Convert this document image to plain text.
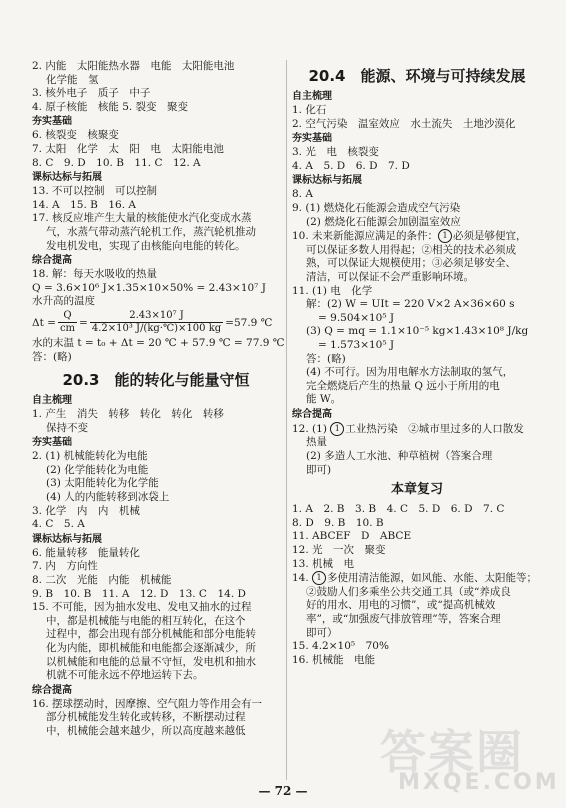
2. 内能　太阳能热水器　电能　太阳能电池
化学能　氢
3. 核外电子　质子　中子
4. 原子核能　核能 5. 裂变　聚变
夯实基础
6. 核裂变　核聚变
7. 太阳　化学　太　阳　电　太阳能电池
8. C　9. D　10. B　11. C　12. A
课标达标与拓展
13. 不可以控制　可以控制
14. A　15. B　16. A
17. 核反应堆产生大量的核能使水汽化变成水蒸
气，水蒸气带动蒸汽轮机工作，蒸汽轮机推动
发电机发电，实现了由核能向电能的转化。
综合提高
18. 解：每天水吸收的热量
Q = 3.6×10⁶ J×1.35×10×50% = 2.43×10⁷ J
水升高的温度
$\Delta t = \frac{Q}{cm} = \frac{\text{2.43×10⁷ J}}{\text{4.2×10³ J/(kg·℃)×100 kg}} =57.9$ ℃
水的末温 t = t₀ + Δt = 20 ℃ + 57.9 ℃ = 77.9 ℃
答：(略)
20.3　能的转化与能量守恒
自主梳理
1. 产生　消失　转移　转化　转化　转移
保持不变
夯实基础
2. (1) 机械能转化为电能
(2) 化学能转化为电能
(3) 太阳能转化为化学能
(4) 人的内能转移到冰袋上
3. 化学　内　内　机械
4. C　5. A
课标达标与拓展
6. 能量转移　能量转化
7. 内　方向性
8. 二次　光能　内能　机械能
9. B　10. B　11. A　12. D　13. C　14. D
15. 不可能，因为抽水发电、发电又抽水的过程
中，都是机械能与电能的相互转化，在这个
过程中，都会出现有部分机械能和部分电能转
化为内能，即机械能和电能都会逐渐减少，所
以机械能和电能的总量不守恒，发电机和抽水
机就不可能永远不停地运转下去。
综合提高
16. 摆球摆动时，因摩擦、空气阻力等作用会有一
部分机械能发生转化或转移，不断摆动过程
中，机械能会越来越少，所以高度越来越低
20.4　能源、环境与可持续发展
自主梳理
1. 化石
2. 空气污染　温室效应　水土流失　土地沙漠化
夯实基础
3. 光　电　核裂变
4. A　5. D　6. D　7. D
课标达标与拓展
8. A
9. (1) 燃烧化石能源会造成空气污染
(2) 燃烧化石能源会加剧温室效应
10. 未来新能源应满足的条件： 1 必须是够便宜，
可以保证多数人用得起；②相关的技术必须成
熟，可以保证大规模使用；③必须足够安全、
清洁，可以保证不会严重影响环境。
11. (1) 电　化学
解：(2) W = UIt = 220 V×2 A×36×60 s
= 9.504×10⁵ J
(3) Q = mq = 1.1×10⁻⁵ kg×1.43×10⁸ J/kg
= 1.573×10⁵ J
答：(略)
(4) 不可行。因为用电解水方法制取的氢气，
完全燃烧后产生的热量 Q 远小于所用的电
能 W。
综合提高
12. (1) 1 工业热污染　②城市里过多的人口散发
热量
(2) 多造人工水池、种草植树（答案合理
即可)
本章复习
1. A　2. B　3. B　4. C　5. D　6. D　7. C
8. D　9. B　10. B
11. ABCEF　D　ABCE
12. 光　一次　聚变
13. 机械　电
14. 1 多使用清洁能源，如风能、水能、太阳能等；
②鼓励人们多乘坐公共交通工具（或“养成良
好的用水、用电的习惯”，或“提高机械效
率”，或“加强废气排放管理”等，答案合理
即可）
15. 4.2×10⁵　70%
16. 机械能　电能
— 72 —
答案圈
MXQE.COM
